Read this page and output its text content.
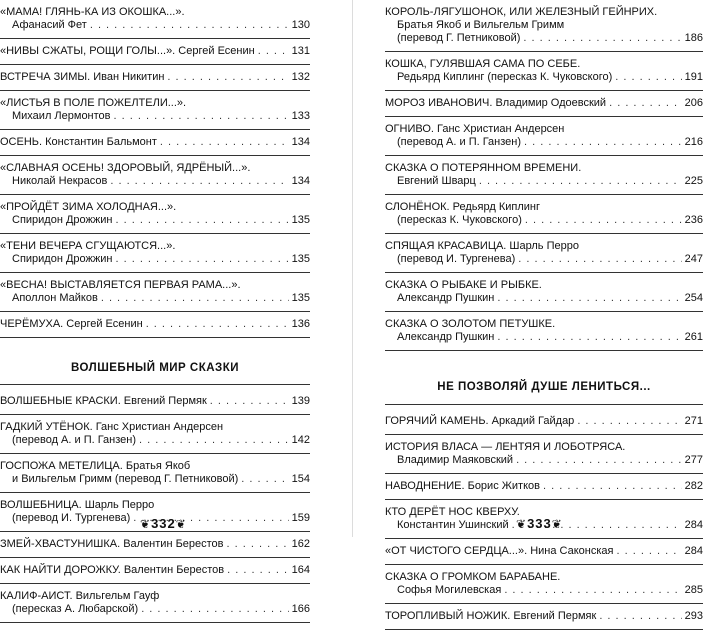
«МАМА! ГЛЯНЬ-КА ИЗ ОКОШКА...».
Афанасий Фет . . .	130
«НИВЫ СЖАТЫ, РОЩИ ГОЛЫ...». Сергей Есенин . . .	131
ВСТРЕЧА ЗИМЫ. Иван Никитин . . .	132
«ЛИСТЬЯ В ПОЛЕ ПОЖЕЛТЕЛИ...».
Михаил Лермонтов . . .	133
ОСЕНЬ. Константин Бальмонт . . .	134
«СЛАВНАЯ ОСЕНЬ! ЗДОРОВЫЙ, ЯДРЁНЫЙ...».
Николай Некрасов . . .	134
«ПРОЙДЁТ ЗИМА ХОЛОДНАЯ...».
Спиридон Дрожжин . . .	135
«ТЕНИ ВЕЧЕРА СГУЩАЮТСЯ...».
Спиридон Дрожжин . . .	135
«ВЕСНА! ВЫСТАВЛЯЕТСЯ ПЕРВАЯ РАМА...».
Аполлон Майков . . .	135
ЧЕРЁМУХА. Сергей Есенин . . .	136
ВОЛШЕБНЫЙ МИР СКАЗКИ
ВОЛШЕБНЫЕ КРАСКИ. Евгений Пермяк . . .	139
ГАДКИЙ УТЁНОК. Ганс Христиан Андерсен
(перевод А. и П. Ганзен) . . .	142
ГОСПОЖА МЕТЕЛИЦА. Братья Якоб
и Вильгельм Гримм (перевод Г. Петниковой) . . .	154
ВОЛШЕБНИЦА. Шарль Перро
(перевод И. Тургенева) . . .	159
ЗМЕЙ-ХВАСТУНИШКА. Валентин Берестов . . .	162
КАК НАЙТИ ДОРОЖКУ. Валентин Берестов . . .	164
КАЛИФ-АИСТ. Вильгельм Гауф
(пересказ А. Любарской) . . .	166
КОРОЛЬ-ЛЯГУШОНОК, ИЛИ ЖЕЛЕЗНЫЙ ГЕЙНРИХ.
Братья Якоб и Вильгельм Гримм
(перевод Г. Петниковой) . . .	186
КОШКА, ГУЛЯВШАЯ САМА ПО СЕБЕ.
Редьярд Киплинг (пересказ К. Чуковского) . . .	191
МОРОЗ ИВАНОВИЧ. Владимир Одоевский . . .	206
ОГНИВО. Ганс Христиан Андерсен
(перевод А. и П. Ганзен) . . .	216
СКАЗКА О ПОТЕРЯННОМ ВРЕМЕНИ.
Евгений Шварц . . .	225
СЛОНЁНОК. Редьярд Киплинг
(пересказ К. Чуковского) . . .	236
СПЯЩАЯ КРАСАВИЦА. Шарль Перро
(перевод И. Тургенева) . . .	247
СКАЗКА О РЫБАКЕ И РЫБКЕ.
Александр Пушкин . . .	254
СКАЗКА О ЗОЛОТОМ ПЕТУШКЕ.
Александр Пушкин . . .	261
НЕ ПОЗВОЛЯЙ ДУШЕ ЛЕНИТЬСЯ...
ГОРЯЧИЙ КАМЕНЬ. Аркадий Гайдар . . .	271
ИСТОРИЯ ВЛАСА — ЛЕНТЯЯ И ЛОБОТРЯСА.
Владимир Маяковский . . .	277
НАВОДНЕНИЕ. Борис Житков . . .	282
КТО ДЕРЁТ НОС КВЕРХУ.
Константин Ушинский . . .	284
«ОТ ЧИСТОГО СЕРДЦА...». Нина Саконская . . .	284
СКАЗКА О ГРОМКОМ БАРАБАНЕ.
Софья Могилевская . . .	285
ТОРОПЛИВЫЙ НОЖИК. Евгений Пермяк . . .	293
❦332❦	❦333❦
